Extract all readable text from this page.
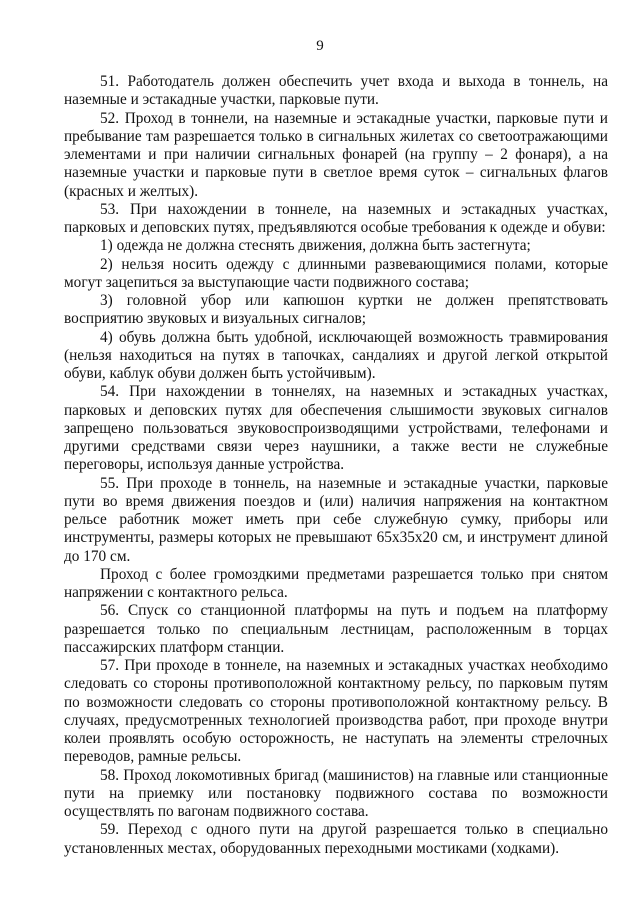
9

51. Работодатель должен обеспечить учет входа и выхода в тоннель, на наземные и эстакадные участки, парковые пути.

52. Проход в тоннели, на наземные и эстакадные участки, парковые пути и пребывание там разрешается только в сигнальных жилетах со светоотражающими элементами и при наличии сигнальных фонарей (на группу – 2 фонаря), а на наземные участки и парковые пути в светлое время суток – сигнальных флагов (красных и желтых).

53. При нахождении в тоннеле, на наземных и эстакадных участках, парковых и деповских путях, предъявляются особые требования к одежде и обуви:

1) одежда не должна стеснять движения, должна быть застегнута;

2) нельзя носить одежду с длинными развевающимися полами, которые могут зацепиться за выступающие части подвижного состава;

3) головной убор или капюшон куртки не должен препятствовать восприятию звуковых и визуальных сигналов;

4) обувь должна быть удобной, исключающей возможность травмирования (нельзя находиться на путях в тапочках, сандалиях и другой легкой открытой обуви, каблук обуви должен быть устойчивым).

54. При нахождении в тоннелях, на наземных и эстакадных участках, парковых и деповских путях для обеспечения слышимости звуковых сигналов запрещено пользоваться звуковоспроизводящими устройствами, телефонами и другими средствами связи через наушники, а также вести не служебные переговоры, используя данные устройства.

55. При проходе в тоннель, на наземные и эстакадные участки, парковые пути во время движения поездов и (или) наличия напряжения на контактном рельсе работник может иметь при себе служебную сумку, приборы или инструменты, размеры которых не превышают 65x35x20 см, и инструмент длиной до 170 см.

Проход с более громоздкими предметами разрешается только при снятом напряжении с контактного рельса.

56. Спуск со станционной платформы на путь и подъем на платформу разрешается только по специальным лестницам, расположенным в торцах пассажирских платформ станции.

57. При проходе в тоннеле, на наземных и эстакадных участках необходимо следовать со стороны противоположной контактному рельсу, по парковым путям по возможности следовать со стороны противоположной контактному рельсу. В случаях, предусмотренных технологией производства работ, при проходе внутри колеи проявлять особую осторожность, не наступать на элементы стрелочных переводов, рамные рельсы.

58. Проход локомотивных бригад (машинистов) на главные или станционные пути на приемку или постановку подвижного состава по возможности осуществлять по вагонам подвижного состава.

59. Переход с одного пути на другой разрешается только в специально установленных местах, оборудованных переходными мостиками (ходками).
